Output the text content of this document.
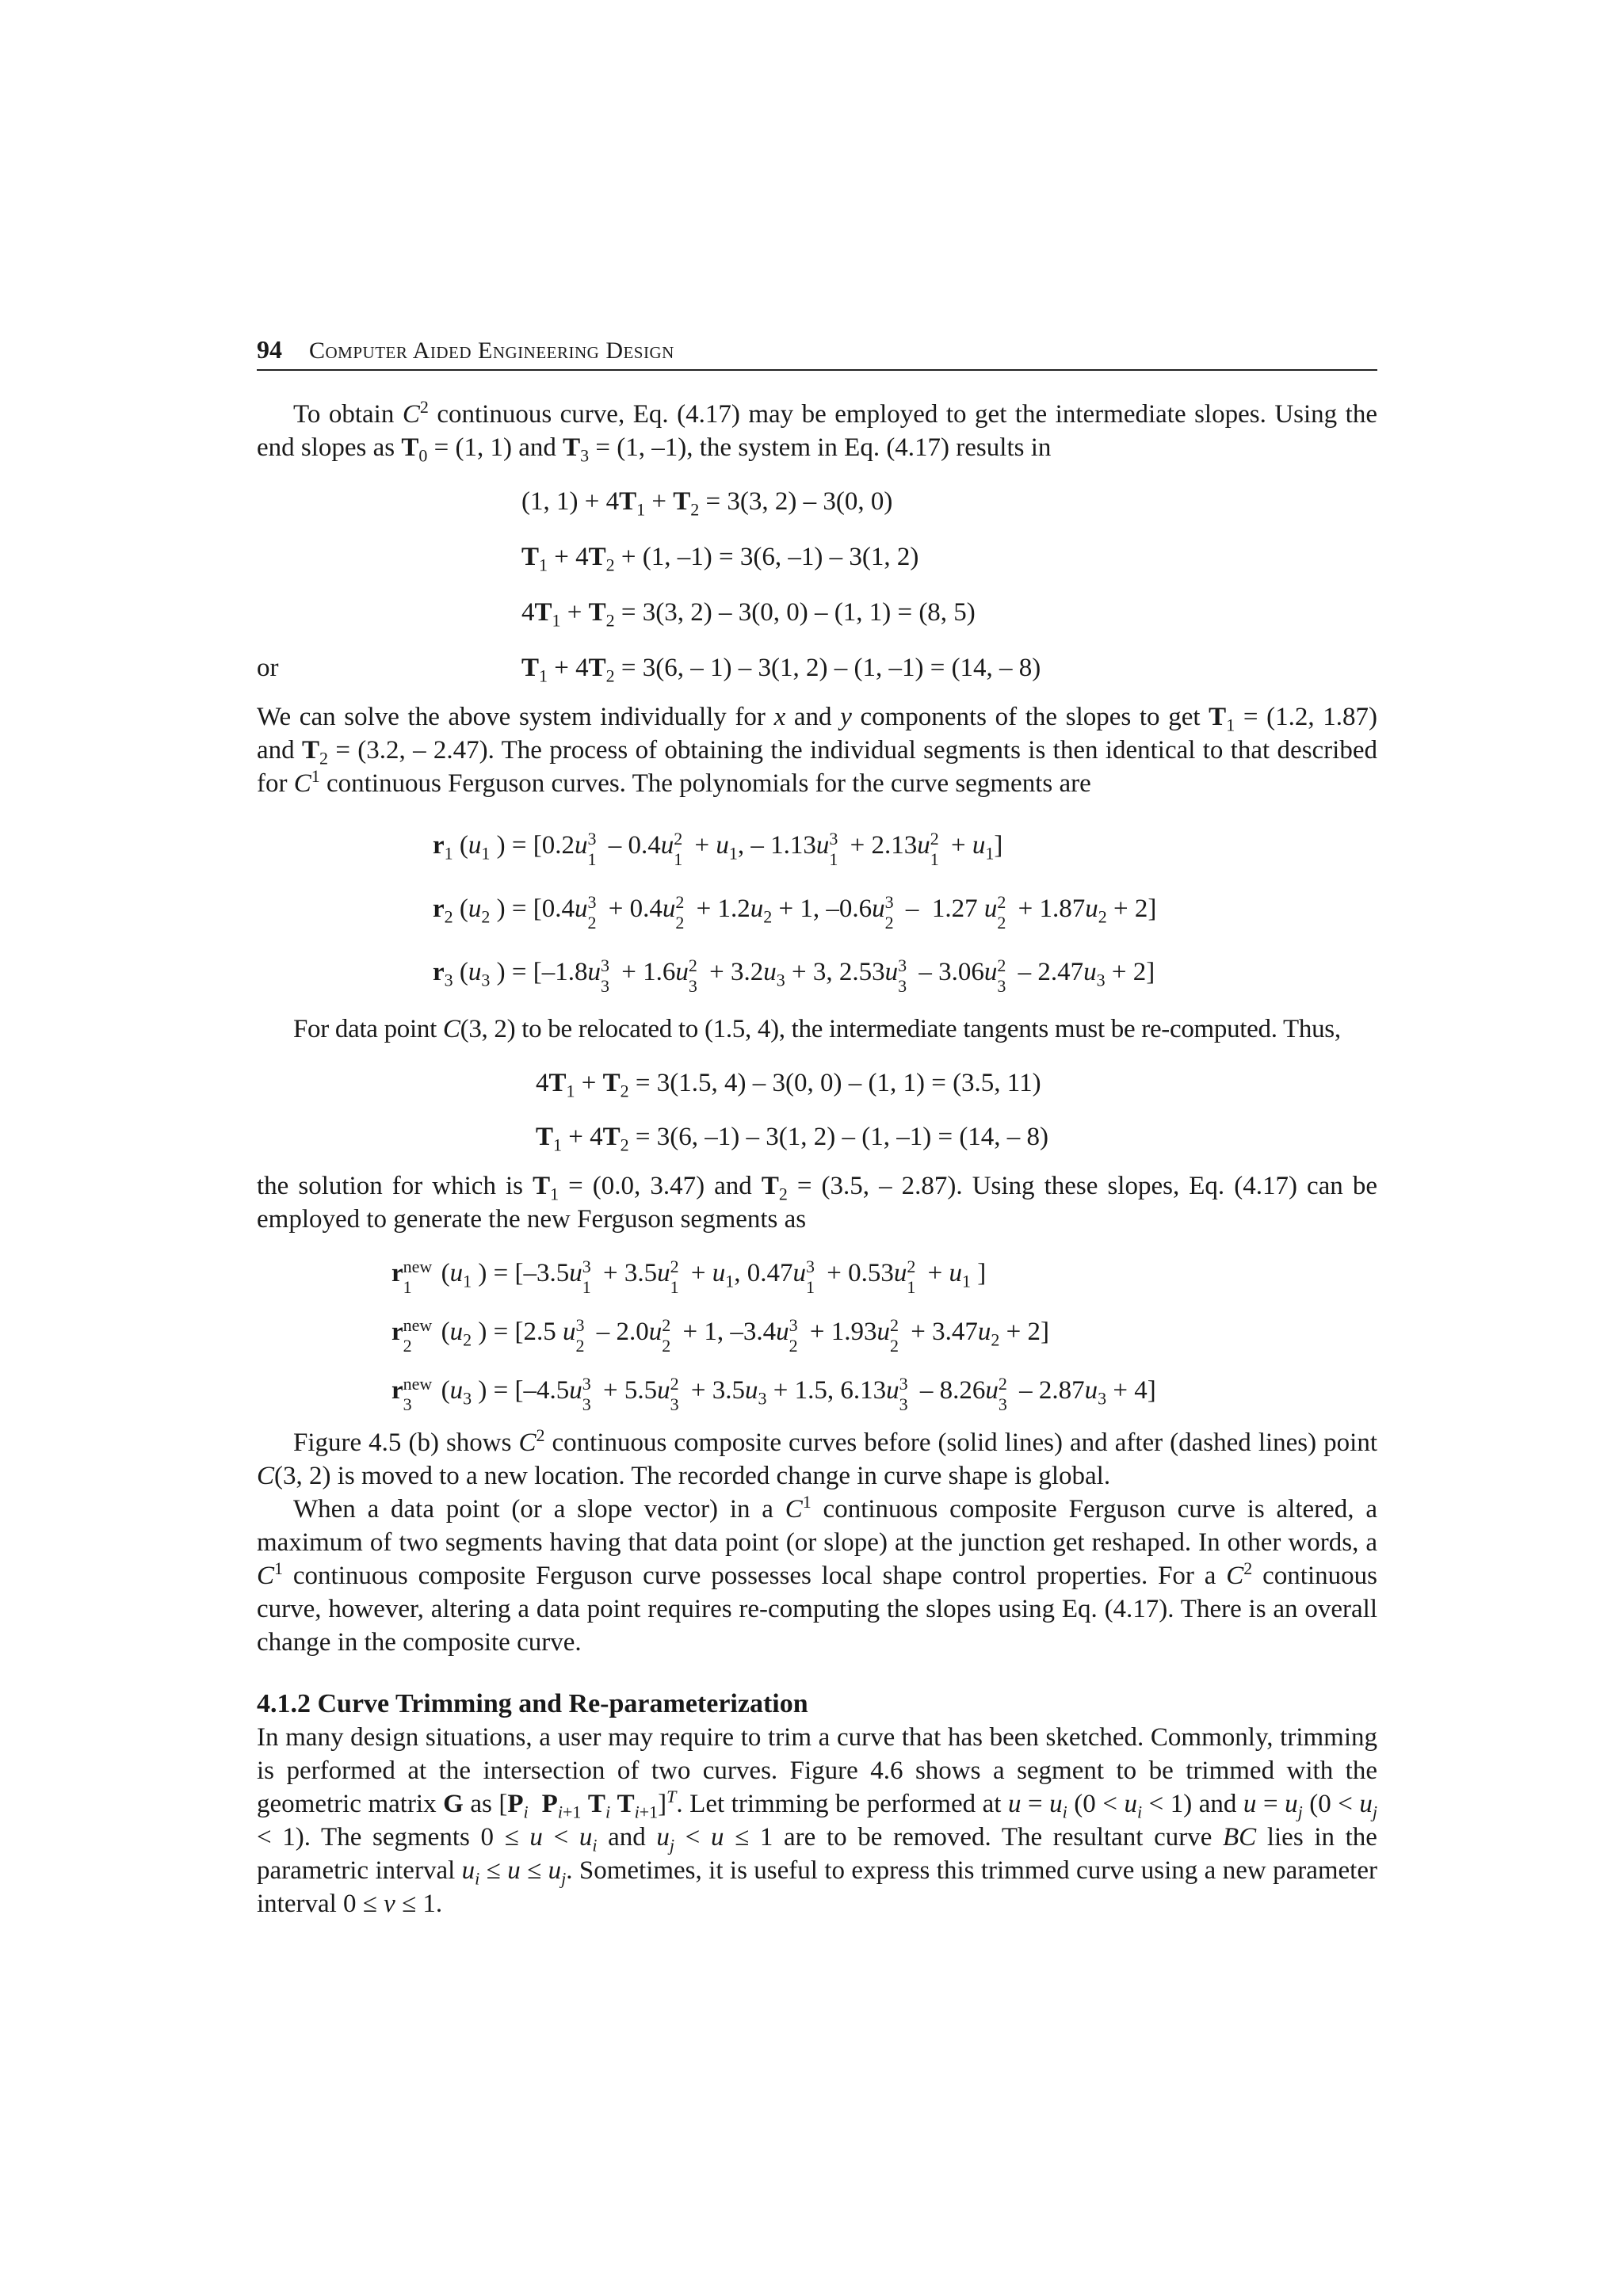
94 Computer Aided Engineering Design

To obtain $C^2$ continuous curve, Eq. (4.17) may be employed to get the intermediate slopes. Using the end slopes as $T_0 = (1$, 1) and $T_3 = (1$, –1), the system in Eq. (4.17) results in

(1, $1) + 4T_1 + T_2 = 3(3$, 2) – 3(0, 0)
$T_1 + 4T_2 + (1$, –1) = 3(6, –1) – 3(1, 2)
$4T_1 + T_2 = 3(3$, 2) – 3(0, 0) – (1, 1) = (8, 5)
or	$T_1 + 4T_2 = 3(6$, – 1) – 3(1, 2) – (1, –1) = (14, – 8)

We can solve the above system individually for x and y components of the slopes to get $T_1 = (1.2$, 1.87) and $T_2 = (3.2$, – 2.47). The process of obtaining the individual segments is then identical to that described for $C^1$ continuous Ferguson curves. The polynomials for the curve segments are

$r_1$ ($u_1$ ) = [0.2u 3
1 – 0.4u 2
$1 + u_1$, – 1.13u 3
1 + 2.13u 2
$1 + u_1$]
$r_2$ ($u_2$ ) = [0.4u 3
2 + 0.4u 2
$2 + 1.2u_2 + 1$, –0.6u 3
2 –  1.27 u 2
$2 + 1.87u_2 + 2$]
$r_3$ ($u_3$ ) = [–1.8u 3
3 + 1.6u 2
$3 + 3.2u_3 + 3$, 2.53u 3
3 – 3.06u 2
$3 - 2.47u_3 + 2$]

For data point C(3, 2) to be relocated to (1.5, 4), the intermediate tangents must be re-computed. Thus,

$4T_1 + T_2 = 3(1.5$, 4) – 3(0, 0) – (1, 1) = (3.5, 11)
$T_1 + 4T_2 = 3(6$, –1) – 3(1, 2) – (1, –1) = (14, – 8)

the solution for which is $T_1 = (0.0$, 3.47) and $T_2 = (3.5$, – 2.87). Using these slopes, Eq. (4.17) can be employed to generate the new Ferguson segments as

r new
1 ($u_1$ ) = [–3.5u 3
1 + 3.5u 2
$1 + u_1$, 0.47u 3
1 + 0.53u 2
$1 + u_1$ ]
r new
2 ($u_2$ ) = [2.5 u 3
2 – 2.0u 2
2 + 1, –3.4u 3
2 + 1.93u 2
$2 + 3.47u_2 + 2$]
r new
3 ($u_3$ ) = [–4.5u 3
3 + 5.5u 2
$3 + 3.5u_3 + 1.5$, 6.13u 3
3 – 8.26u 2
$3 - 2.87u_3 + 4$]

Figure 4.5 (b) shows $C^2$ continuous composite curves before (solid lines) and after (dashed lines) point C(3, 2) is moved to a new location. The recorded change in curve shape is global.

When a data point (or a slope vector) in a $C^1$ continuous composite Ferguson curve is altered, a maximum of two segments having that data point (or slope) at the junction get reshaped. In other words, a $C^1$ continuous composite Ferguson curve possesses local shape control properties. For a $C^2$ continuous curve, however, altering a data point requires re-computing the slopes using Eq. (4.17). There is an overall change in the composite curve.

4.1.2 Curve Trimming and Re-parameterization

In many design situations, a user may require to trim a curve that has been sketched. Commonly, trimming is performed at the intersection of two curves. Figure 4.6 shows a segment to be trimmed with the geometric matrix G as [$P_i$ $P_{i+1}$ $T_i$ $T_{i+1}]^T$. Let trimming be performed at $u = u_i$ $(0 < u_i < 1)$ and $u = u_j$ $(0 < u_j < 1)$. The segments $0 \le u < u_i$ and $u_j < u \le 1$ are to be removed. The resultant curve BC lies in the parametric interval $u_i \le u \le u_j$. Sometimes, it is useful to express this trimmed curve using a new parameter interval 0 ≤ v ≤ 1.
